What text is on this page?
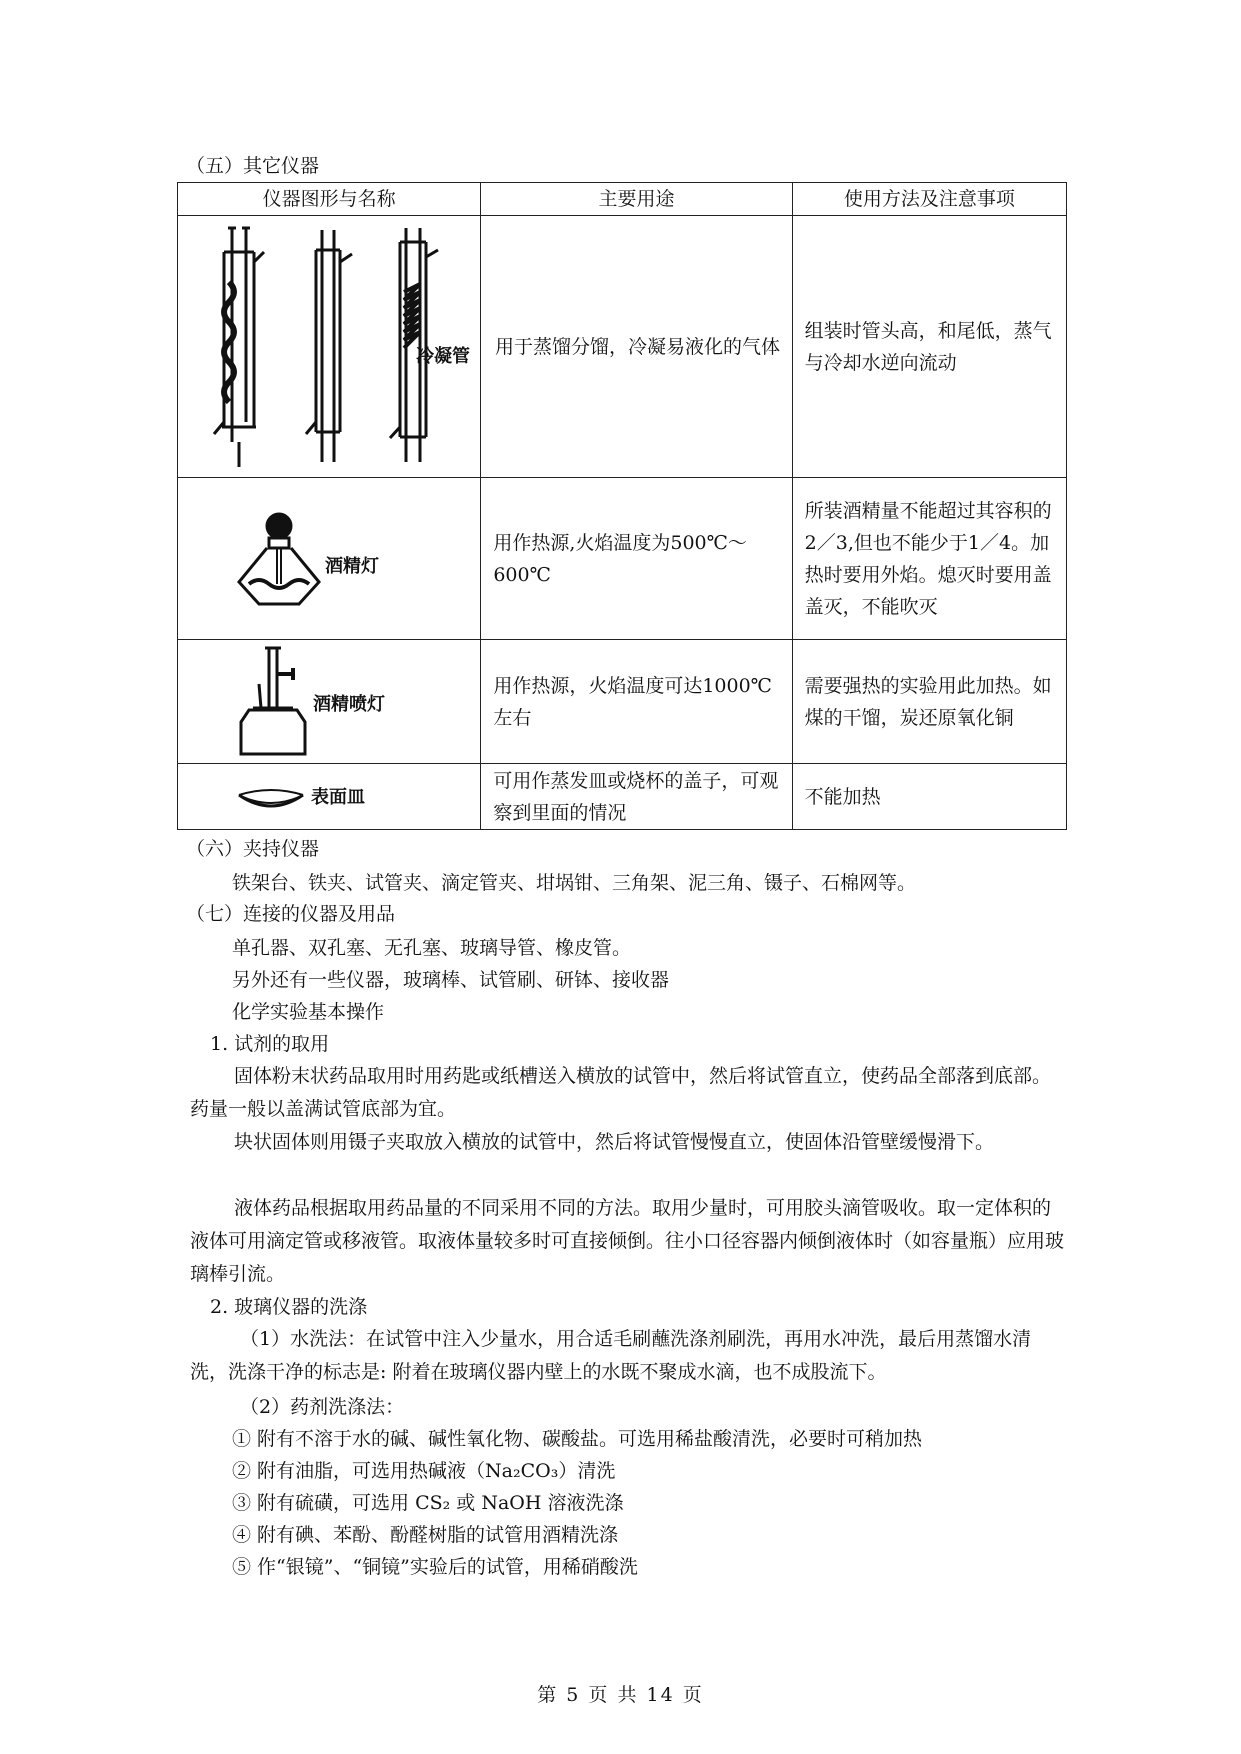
（五）其它仪器
仪器图形与名称	主要用途	使用方法及注意事项

冷凝管	用于蒸馏分馏，冷凝易液化的气体	组装时管头高，和尾低，蒸气与冷却水逆向流动

酒精灯	用作热源,火焰温度为500℃～600℃	所装酒精量不能超过其容积的2／3,但也不能少于1／4。加热时要用外焰。熄灭时要用盖盖灭，不能吹灭

酒精喷灯	用作热源，火焰温度可达1000℃左右	需要强热的实验用此加热。如煤的干馏，炭还原氧化铜

表面皿	可用作蒸发皿或烧杯的盖子，可观察到里面的情况	不能加热
（六）夹持仪器
铁架台、铁夹、试管夹、滴定管夹、坩埚钳、三角架、泥三角、镊子、石棉网等。
（七）连接的仪器及用品
单孔器、双孔塞、无孔塞、玻璃导管、橡皮管。
另外还有一些仪器，玻璃棒、试管刷、研钵、接收器
化学实验基本操作
1. 试剂的取用
固体粉末状药品取用时用药匙或纸槽送入横放的试管中，然后将试管直立，使药品全部落到底部。药量一般以盖满试管底部为宜。
块状固体则用镊子夹取放入横放的试管中，然后将试管慢慢直立，使固体沿管壁缓慢滑下。
液体药品根据取用药品量的不同采用不同的方法。取用少量时，可用胶头滴管吸收。取一定体积的液体可用滴定管或移液管。取液体量较多时可直接倾倒。往小口径容器内倾倒液体时（如容量瓶）应用玻璃棒引流。
2. 玻璃仪器的洗涤
（1）水洗法：在试管中注入少量水，用合适毛刷蘸洗涤剂刷洗，再用水冲洗，最后用蒸馏水清洗，洗涤干净的标志是: 附着在玻璃仪器内壁上的水既不聚成水滴，也不成股流下。
（2）药剂洗涤法：
① 附有不溶于水的碱、碱性氧化物、碳酸盐。可选用稀盐酸清洗，必要时可稍加热
② 附有油脂，可选用热碱液（Na₂CO₃）清洗
③ 附有硫磺，可选用 CS₂ 或 NaOH 溶液洗涤
④ 附有碘、苯酚、酚醛树脂的试管用酒精洗涤
⑤ 作“银镜”、“铜镜”实验后的试管，用稀硝酸洗
第 5 页 共 14 页
